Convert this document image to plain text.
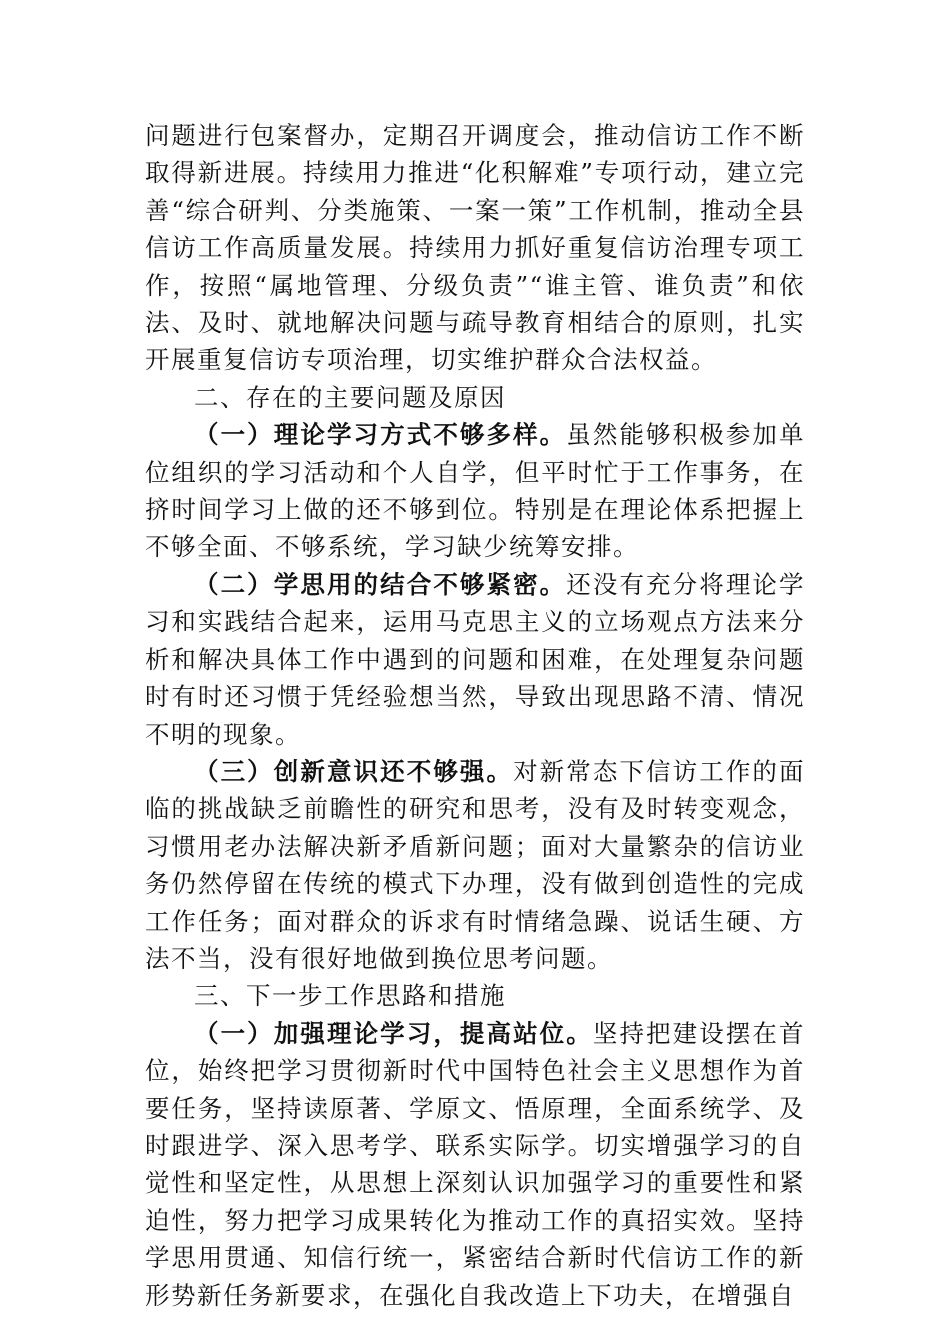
问题进行包案督办，定期召开调度会，推动信访工作不断取得新进展。持续用力推进“化积解难”专项行动，建立完善“综合研判、分类施策、一案一策”工作机制，推动全县信访工作高质量发展。持续用力抓好重复信访治理专项工作，按照“属地管理、分级负责”“谁主管、谁负责”和依法、及时、就地解决问题与疏导教育相结合的原则，扎实开展重复信访专项治理，切实维护群众合法权益。

二、存在的主要问题及原因

（一）理论学习方式不够多样。虽然能够积极参加单位组织的学习活动和个人自学，但平时忙于工作事务，在挤时间学习上做的还不够到位。特别是在理论体系把握上不够全面、不够系统，学习缺少统筹安排。

（二）学思用的结合不够紧密。还没有充分将理论学习和实践结合起来，运用马克思主义的立场观点方法来分析和解决具体工作中遇到的问题和困难，在处理复杂问题时有时还习惯于凭经验想当然，导致出现思路不清、情况不明的现象。

（三）创新意识还不够强。对新常态下信访工作的面临的挑战缺乏前瞻性的研究和思考，没有及时转变观念，习惯用老办法解决新矛盾新问题；面对大量繁杂的信访业务仍然停留在传统的模式下办理，没有做到创造性的完成工作任务；面对群众的诉求有时情绪急躁、说话生硬、方法不当，没有很好地做到换位思考问题。

三、下一步工作思路和措施

（一）加强理论学习，提高站位。坚持把建设摆在首位，始终把学习贯彻新时代中国特色社会主义思想作为首要任务，坚持读原著、学原文、悟原理，全面系统学、及时跟进学、深入思考学、联系实际学。切实增强学习的自觉性和坚定性，从思想上深刻认识加强学习的重要性和紧迫性，努力把学习成果转化为推动工作的真招实效。坚持学思用贯通、知信行统一，紧密结合新时代信访工作的新形势新任务新要求，在强化自我改造上下功夫，在增强自
